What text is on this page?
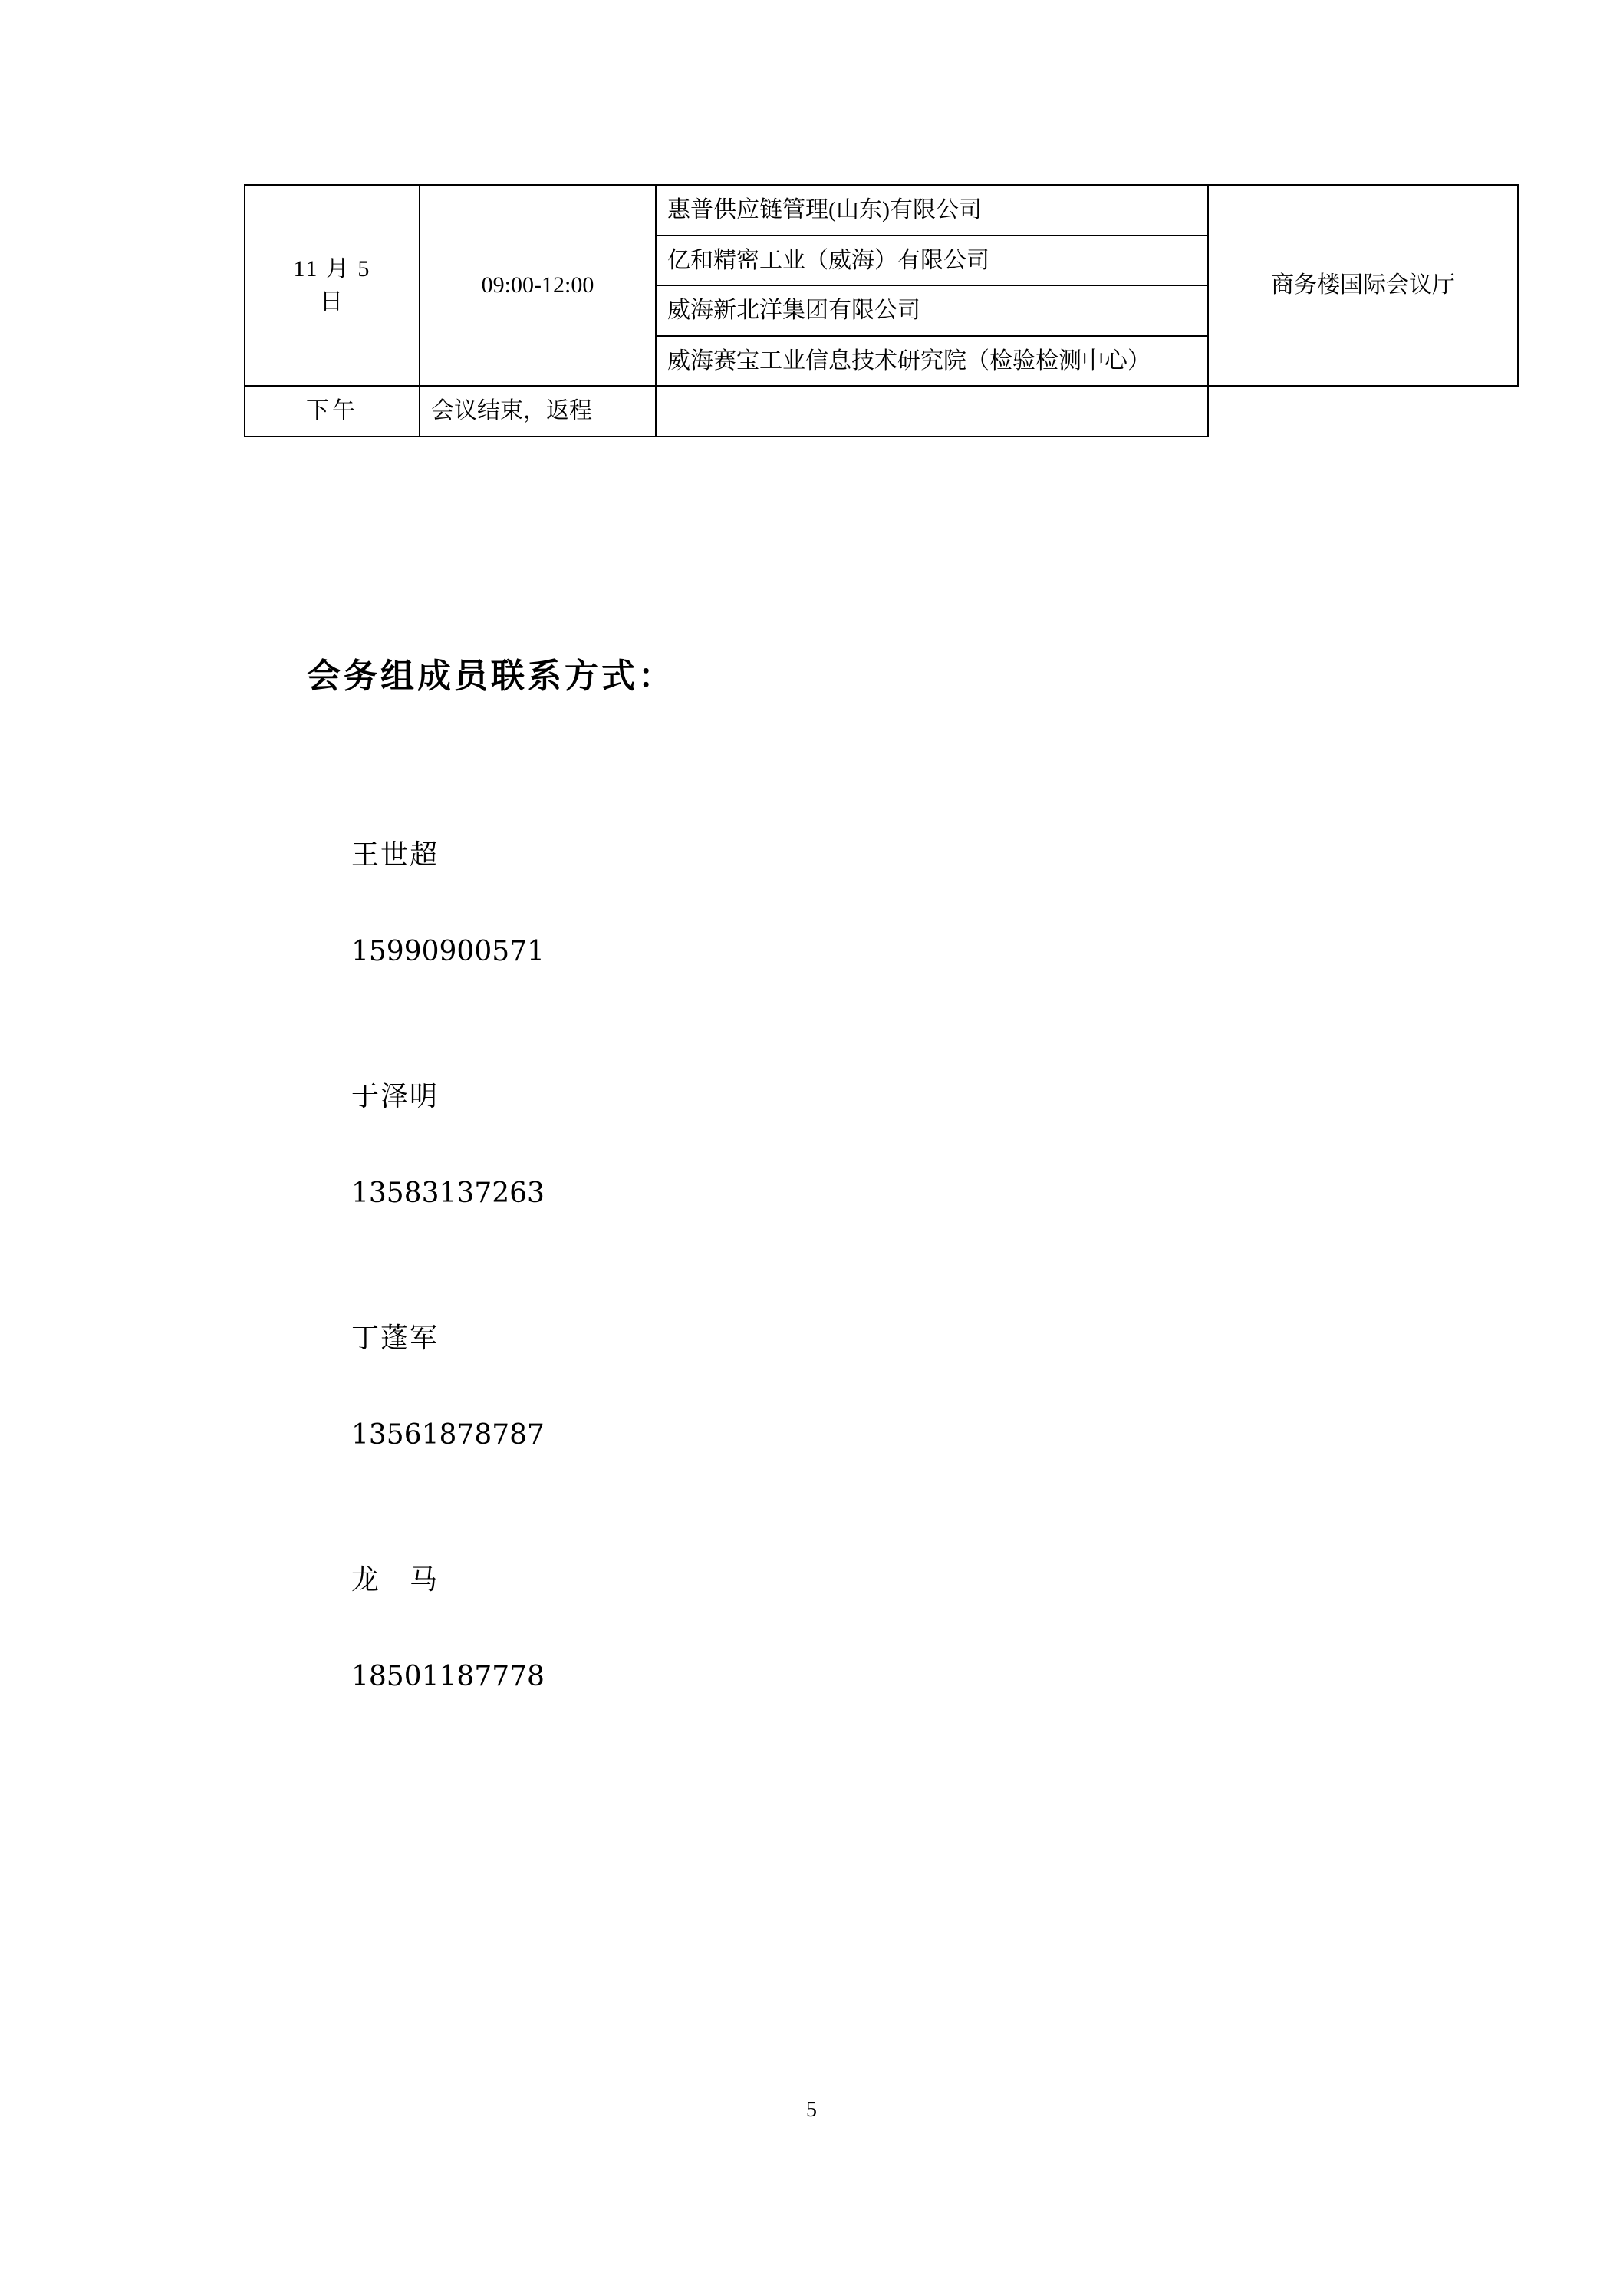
11 月 5
日	09:00-12:00	惠普供应链管理(山东)有限公司	商务楼国际会议厅
		亿和精密工业（威海）有限公司	
		威海新北洋集团有限公司	
		威海赛宝工业信息技术研究院（检验检测中心）	
下午	会议结束，返程		
会务组成员联系方式：

王世超

15990900571

于泽明

13583137263

丁蓬军

13561878787

龙　马

18501187778

5
